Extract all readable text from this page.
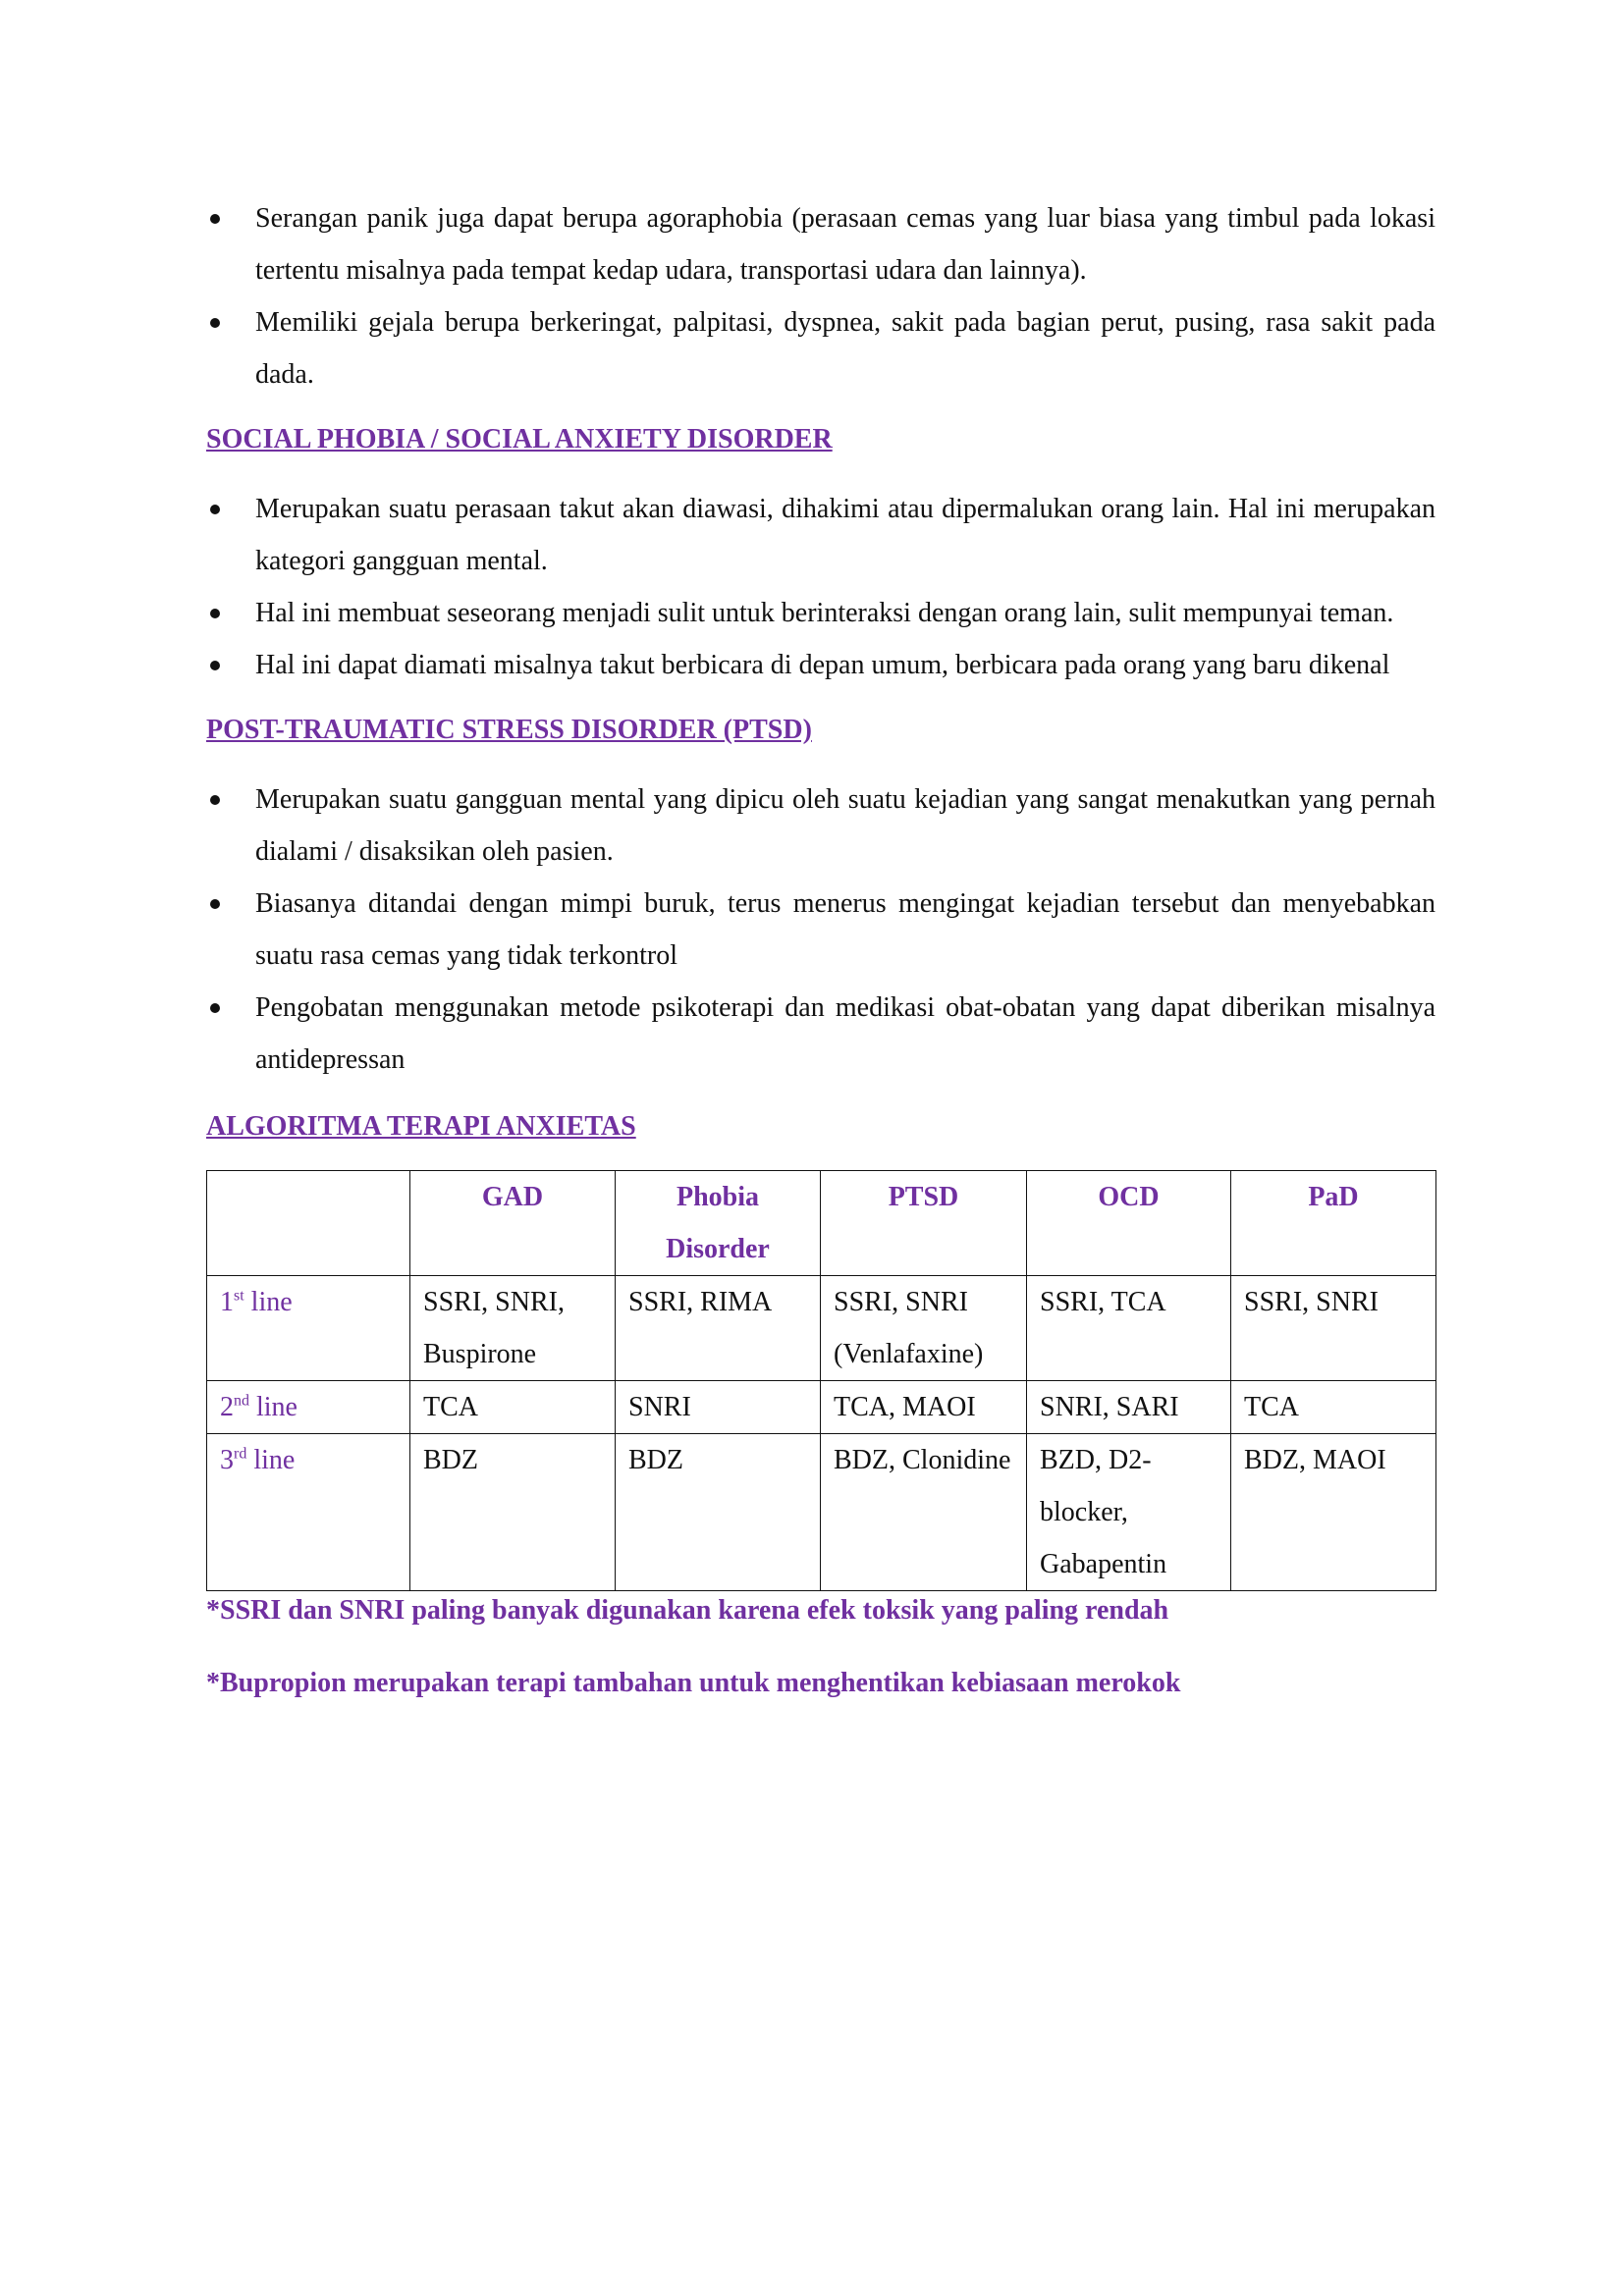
Serangan panik juga dapat berupa agoraphobia (perasaan cemas yang luar biasa yang timbul pada lokasi tertentu misalnya pada tempat kedap udara, transportasi udara dan lainnya).
Memiliki gejala berupa berkeringat, palpitasi, dyspnea, sakit pada bagian perut, pusing, rasa sakit pada dada.
SOCIAL PHOBIA / SOCIAL ANXIETY DISORDER
Merupakan suatu perasaan takut akan diawasi, dihakimi atau dipermalukan orang lain. Hal ini merupakan kategori gangguan mental.
Hal ini membuat seseorang menjadi sulit untuk berinteraksi dengan orang lain, sulit mempunyai teman.
Hal ini dapat diamati misalnya takut berbicara di depan umum, berbicara pada orang yang baru dikenal
POST-TRAUMATIC STRESS DISORDER (PTSD)
Merupakan suatu gangguan mental yang dipicu oleh suatu kejadian yang sangat menakutkan yang pernah dialami / disaksikan oleh pasien.
Biasanya ditandai dengan mimpi buruk, terus menerus mengingat kejadian tersebut dan menyebabkan suatu rasa cemas yang tidak terkontrol
Pengobatan menggunakan metode psikoterapi dan medikasi obat-obatan yang dapat diberikan misalnya antidepressan
ALGORITMA TERAPI ANXIETAS
	GAD	Phobia Disorder	PTSD	OCD	PaD
1st line	SSRI, SNRI, Buspirone	SSRI, RIMA	SSRI, SNRI (Venlafaxine)	SSRI, TCA	SSRI, SNRI
2nd line	TCA	SNRI	TCA, MAOI	SNRI, SARI	TCA
3rd line	BDZ	BDZ	BDZ, Clonidine	BZD, D2-blocker, Gabapentin	BDZ, MAOI
*SSRI dan SNRI paling banyak digunakan karena efek toksik yang paling rendah
*Bupropion merupakan terapi tambahan untuk menghentikan kebiasaan merokok
